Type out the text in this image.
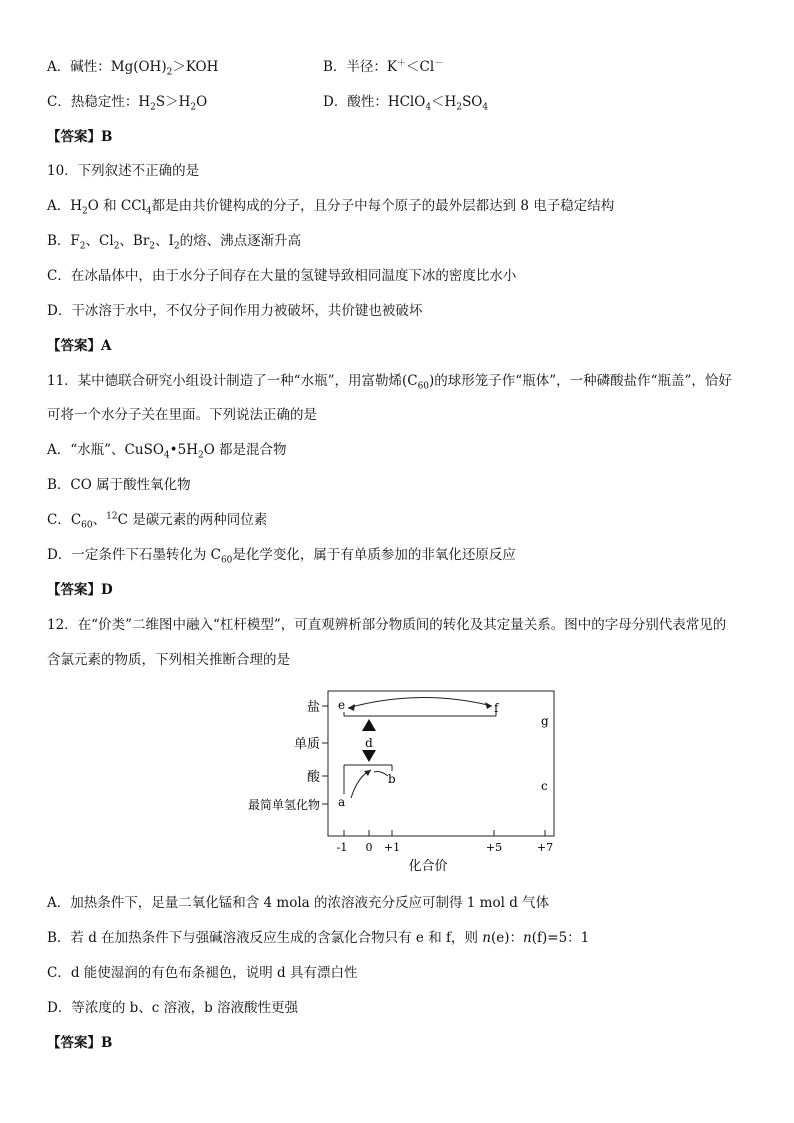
A．碱性：$Mg(OH)_2>KOH$	B．半径：K＋＜Cl－
C．热稳定性：$H_2S>H_2O$	D．酸性：$HClO_4<H_2SO_4$
【答案】B
10．下列叙述不正确的是
A．$H_2O$ 和 CCl$_4$都是由共价键构成的分子，且分子中每个原子的最外层都达到 8 电子稳定结构
B．$F_2$、$Cl_2$、$Br_2$、$I_2$的熔、沸点逐渐升高
C．在冰晶体中，由于水分子间存在大量的氢键导致相同温度下冰的密度比水小
D．干冰溶于水中，不仅分子间作用力被破坏，共价键也被破坏
【答案】A
11．某中德联合研究小组设计制造了一种“水瓶”，用富勒烯$(C_{60})$的球形笼子作“瓶体”，一种磷酸盐作“瓶盖”，恰好
可将一个水分子关在里面。下列说法正确的是
A．“水瓶”、$CuSO_4•5H_2O$ 都是混合物
B．CO 属于酸性氧化物
C．$C_{60}$、$^{12}$C 是碳元素的两种同位素
D．一定条件下石墨转化为 $C_{60}$是化学变化，属于有单质参加的非氧化还原反应
【答案】D
12．在“价类”二维图中融入“杠杆模型”，可直观辨析部分物质间的转化及其定量关系。图中的字母分别代表常见的
含氯元素的物质，下列相关推断合理的是
盐
单质
酸
最简单氢化物
-1 0 +1	+5	+7
化合价
e	f
d
b
a
g
c
A．加热条件下，足量二氧化锰和含 4 mola 的浓溶液充分反应可制得 1 mol d 气体
B．若 d 在加热条件下与强碱溶液反应生成的含氯化合物只有 e 和 f，则 n(e)：n(f)=5：1
C．d 能使湿润的有色布条褪色，说明 d 具有漂白性
D．等浓度的 b、c 溶液，b 溶液酸性更强
【答案】B
